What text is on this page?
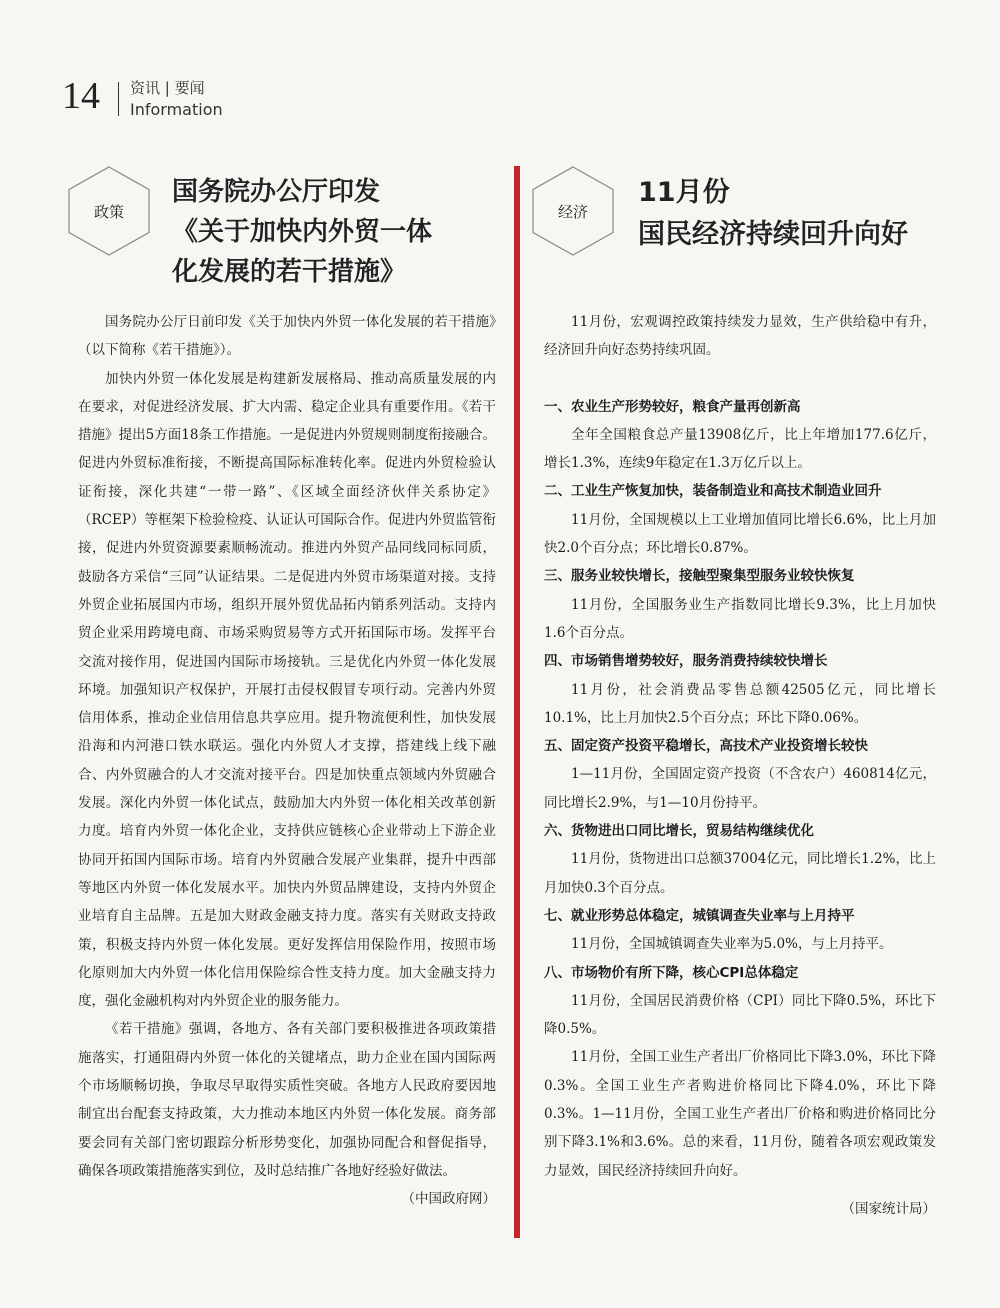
14 资讯 | 要闻
Information
政策
国务院办公厅印发
《关于加快内外贸一体
化发展的若干措施》

国务院办公厅日前印发《关于加快内外贸一体化发展的若干措施》（以下简称《若干措施》）。

加快内外贸一体化发展是构建新发展格局、推动高质量发展的内在要求，对促进经济发展、扩大内需、稳定企业具有重要作用。《若干措施》提出5方面18条工作措施。一是促进内外贸规则制度衔接融合。促进内外贸标准衔接，不断提高国际标准转化率。促进内外贸检验认证衔接，深化共建“一带一路”、《区域全面经济伙伴关系协定》（RCEP）等框架下检验检疫、认证认可国际合作。促进内外贸监管衔接，促进内外贸资源要素顺畅流动。推进内外贸产品同线同标同质，鼓励各方采信“三同”认证结果。二是促进内外贸市场渠道对接。支持外贸企业拓展国内市场，组织开展外贸优品拓内销系列活动。支持内贸企业采用跨境电商、市场采购贸易等方式开拓国际市场。发挥平台交流对接作用，促进国内国际市场接轨。三是优化内外贸一体化发展环境。加强知识产权保护，开展打击侵权假冒专项行动。完善内外贸信用体系，推动企业信用信息共享应用。提升物流便利性，加快发展沿海和内河港口铁水联运。强化内外贸人才支撑，搭建线上线下融合、内外贸融合的人才交流对接平台。四是加快重点领域内外贸融合发展。深化内外贸一体化试点，鼓励加大内外贸一体化相关改革创新力度。培育内外贸一体化企业，支持供应链核心企业带动上下游企业协同开拓国内国际市场。培育内外贸融合发展产业集群，提升中西部等地区内外贸一体化发展水平。加快内外贸品牌建设，支持内外贸企业培育自主品牌。五是加大财政金融支持力度。落实有关财政支持政策，积极支持内外贸一体化发展。更好发挥信用保险作用，按照市场化原则加大内外贸一体化信用保险综合性支持力度。加大金融支持力度，强化金融机构对内外贸企业的服务能力。

《若干措施》强调，各地方、各有关部门要积极推进各项政策措施落实，打通阻碍内外贸一体化的关键堵点，助力企业在国内国际两个市场顺畅切换，争取尽早取得实质性突破。各地方人民政府要因地制宜出台配套支持政策，大力推动本地区内外贸一体化发展。商务部要会同有关部门密切跟踪分析形势变化，加强协同配合和督促指导，确保各项政策措施落实到位，及时总结推广各地好经验好做法。

（中国政府网）

经济
11月份
国民经济持续回升向好

11月份，宏观调控政策持续发力显效，生产供给稳中有升，经济回升向好态势持续巩固。

一、农业生产形势较好，粮食产量再创新高

全年全国粮食总产量13908亿斤，比上年增加177.6亿斤，增长1.3%，连续9年稳定在1.3万亿斤以上。

二、工业生产恢复加快，装备制造业和高技术制造业回升

11月份，全国规模以上工业增加值同比增长6.6%，比上月加快2.0个百分点；环比增长0.87%。

三、服务业较快增长，接触型聚集型服务业较快恢复

11月份，全国服务业生产指数同比增长9.3%，比上月加快1.6个百分点。

四、市场销售增势较好，服务消费持续较快增长

11月份，社会消费品零售总额42505亿元，同比增长10.1%，比上月加快2.5个百分点；环比下降0.06%。

五、固定资产投资平稳增长，高技术产业投资增长较快

1—11月份，全国固定资产投资（不含农户）460814亿元，同比增长2.9%，与1—10月份持平。

六、货物进出口同比增长，贸易结构继续优化

11月份，货物进出口总额37004亿元，同比增长1.2%，比上月加快0.3个百分点。

七、就业形势总体稳定，城镇调查失业率与上月持平

11月份，全国城镇调查失业率为5.0%，与上月持平。

八、市场物价有所下降，核心CPI总体稳定

11月份，全国居民消费价格（CPI）同比下降0.5%，环比下降0.5%。

11月份，全国工业生产者出厂价格同比下降3.0%，环比下降0.3%。全国工业生产者购进价格同比下降4.0%，环比下降0.3%。1—11月份，全国工业生产者出厂价格和购进价格同比分别下降3.1%和3.6%。总的来看，11月份，随着各项宏观政策发力显效，国民经济持续回升向好。

（国家统计局）
